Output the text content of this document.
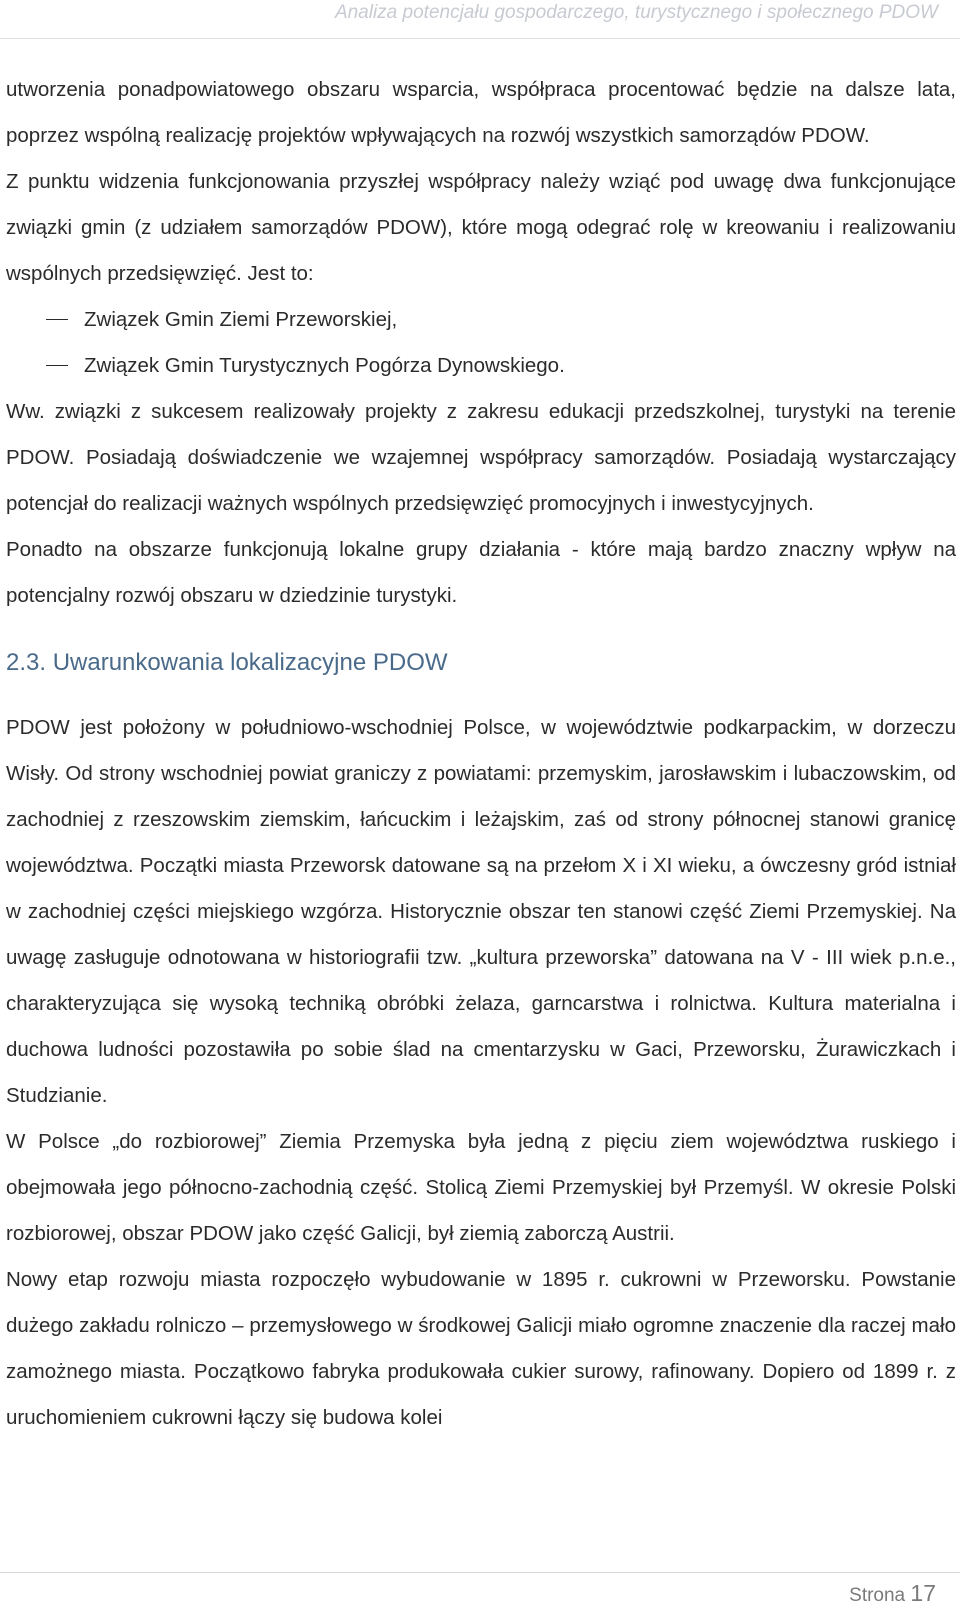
Analiza potencjału gospodarczego, turystycznego i społecznego PDOW

utworzenia ponadpowiatowego obszaru wsparcia, współpraca procentować będzie na dalsze lata, poprzez wspólną realizację projektów wpływających na rozwój wszystkich samorządów PDOW.

Z punktu widzenia funkcjonowania przyszłej współpracy należy wziąć pod uwagę dwa funkcjonujące związki gmin (z udziałem samorządów PDOW), które mogą odegrać rolę w kreowaniu i realizowaniu wspólnych przedsięwzięć. Jest to:

Związek Gmin Ziemi Przeworskiej,
Związek Gmin Turystycznych Pogórza Dynowskiego.

Ww. związki z sukcesem realizowały projekty z zakresu edukacji przedszkolnej, turystyki na terenie PDOW. Posiadają doświadczenie we wzajemnej współpracy samorządów. Posiadają wystarczający potencjał do realizacji ważnych wspólnych przedsięwzięć promocyjnych i inwestycyjnych.

Ponadto na obszarze funkcjonują lokalne grupy działania - które mają bardzo znaczny wpływ na potencjalny rozwój obszaru w dziedzinie turystyki.

2.3. Uwarunkowania lokalizacyjne PDOW

PDOW jest położony w południowo-wschodniej Polsce, w województwie podkarpackim, w dorzeczu Wisły. Od strony wschodniej powiat graniczy z powiatami: przemyskim, jarosławskim i lubaczowskim, od zachodniej z rzeszowskim ziemskim, łańcuckim i leżajskim, zaś od strony północnej stanowi granicę województwa. Początki miasta Przeworsk datowane są na przełom X i XI wieku, a ówczesny gród istniał w zachodniej części miejskiego wzgórza. Historycznie obszar ten stanowi część Ziemi Przemyskiej. Na uwagę zasługuje odnotowana w historiografii tzw. „kultura przeworska” datowana na V - III wiek p.n.e., charakteryzująca się wysoką techniką obróbki żelaza, garncarstwa i rolnictwa. Kultura materialna i duchowa ludności pozostawiła po sobie ślad na cmentarzysku w Gaci, Przeworsku, Żurawiczkach i Studzianie.

W Polsce „do rozbiorowej” Ziemia Przemyska była jedną z pięciu ziem województwa ruskiego i obejmowała jego północno-zachodnią część. Stolicą Ziemi Przemyskiej był Przemyśl. W okresie Polski rozbiorowej, obszar PDOW jako część Galicji, był ziemią zaborczą Austrii.

Nowy etap rozwoju miasta rozpoczęło wybudowanie w 1895 r. cukrowni w Przeworsku. Powstanie dużego zakładu rolniczo – przemysłowego w środkowej Galicji miało ogromne znaczenie dla raczej mało zamożnego miasta. Początkowo fabryka produkowała cukier surowy, rafinowany. Dopiero od 1899 r. z uruchomieniem cukrowni łączy się budowa kolei

Strona 17
